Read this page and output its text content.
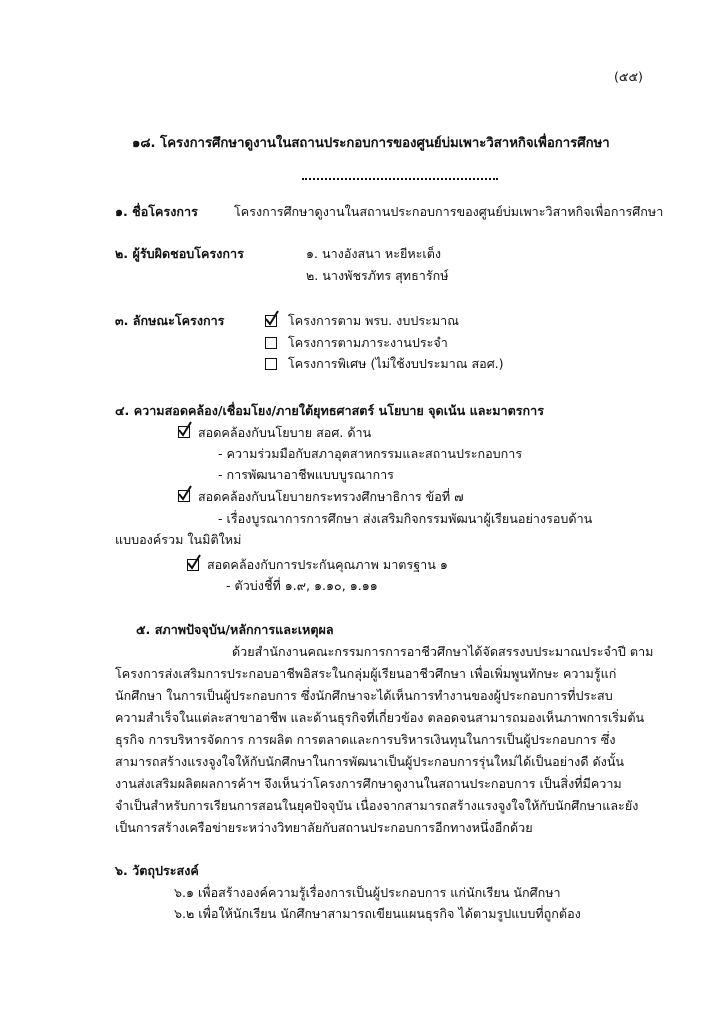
(๕๕)
๑๘. โครงการศึกษาดูงานในสถานประกอบการของศูนย์บ่มเพาะวิสาหกิจเพื่อการศึกษา
๑. ชื่อโครงการ	โครงการศึกษาดูงานในสถานประกอบการของศูนย์บ่มเพาะวิสาหกิจเพื่อการศึกษา
๒. ผู้รับผิดชอบโครงการ	๑. นางอังสนา หะยีหะเต็ง
๒. นางพัชรภัทร สุทธารักษ์
๓. ลักษณะโครงการ	โครงการตาม พรบ. งบประมาณ
โครงการตามภาระงานประจำ
โครงการพิเศษ (ไม่ใช้งบประมาณ สอศ.)
๔. ความสอดคล้อง/เชื่อมโยง/ภายใต้ยุทธศาสตร์ นโยบาย จุดเน้น และมาตรการ
สอดคล้องกับนโยบาย สอศ. ด้าน
- ความร่วมมือกับสภาอุตสาหกรรมและสถานประกอบการ
- การพัฒนาอาชีพแบบบูรณาการ
สอดคล้องกับนโยบายกระทรวงศึกษาธิการ ข้อที่ ๗
- เรื่องบูรณาการการศึกษา ส่งเสริมกิจกรรมพัฒนาผู้เรียนอย่างรอบด้าน
แบบองค์รวม ในมิติใหม่
สอดคล้องกับการประกันคุณภาพ มาตรฐาน ๑
- ตัวบ่งชี้ที่ ๑.๙, ๑.๑๐, ๑.๑๑
๕. สภาพปัจจุบัน/หลักการและเหตุผล
ด้วยสำนักงานคณะกรรมการการอาชีวศึกษาได้จัดสรรงบประมาณประจำปี ตาม
โครงการส่งเสริมการประกอบอาชีพอิสระในกลุ่มผู้เรียนอาชีวศึกษา เพื่อเพิ่มพูนทักษะ ความรู้แก่
นักศึกษา ในการเป็นผู้ประกอบการ ซึ่งนักศึกษาจะได้เห็นการทำงานของผู้ประกอบการที่ประสบ
ความสำเร็จในแต่ละสาขาอาชีพ และด้านธุรกิจที่เกี่ยวข้อง ตลอดจนสามารถมองเห็นภาพการเริ่มต้น
ธุรกิจ การบริหารจัดการ การผลิต การตลาดและการบริหารเงินทุนในการเป็นผู้ประกอบการ ซึ่ง
สามารถสร้างแรงจูงใจให้กับนักศึกษาในการพัฒนาเป็นผู้ประกอบการรุ่นใหม่ได้เป็นอย่างดี ดังนั้น
งานส่งเสริมผลิตผลการค้าฯ จึงเห็นว่าโครงการศึกษาดูงานในสถานประกอบการ เป็นสิ่งที่มีความ
จำเป็นสำหรับการเรียนการสอนในยุคปัจจุบัน เนื่องจากสามารถสร้างแรงจูงใจให้กับนักศึกษาและยัง
เป็นการสร้างเครือข่ายระหว่างวิทยาลัยกับสถานประกอบการอีกทางหนึ่งอีกด้วย
๖. วัตถุประสงค์
๖.๑ เพื่อสร้างองค์ความรู้เรื่องการเป็นผู้ประกอบการ แก่นักเรียน นักศึกษา
๖.๒ เพื่อให้นักเรียน นักศึกษาสามารถเขียนแผนธุรกิจ ได้ตามรูปแบบที่ถูกต้อง
